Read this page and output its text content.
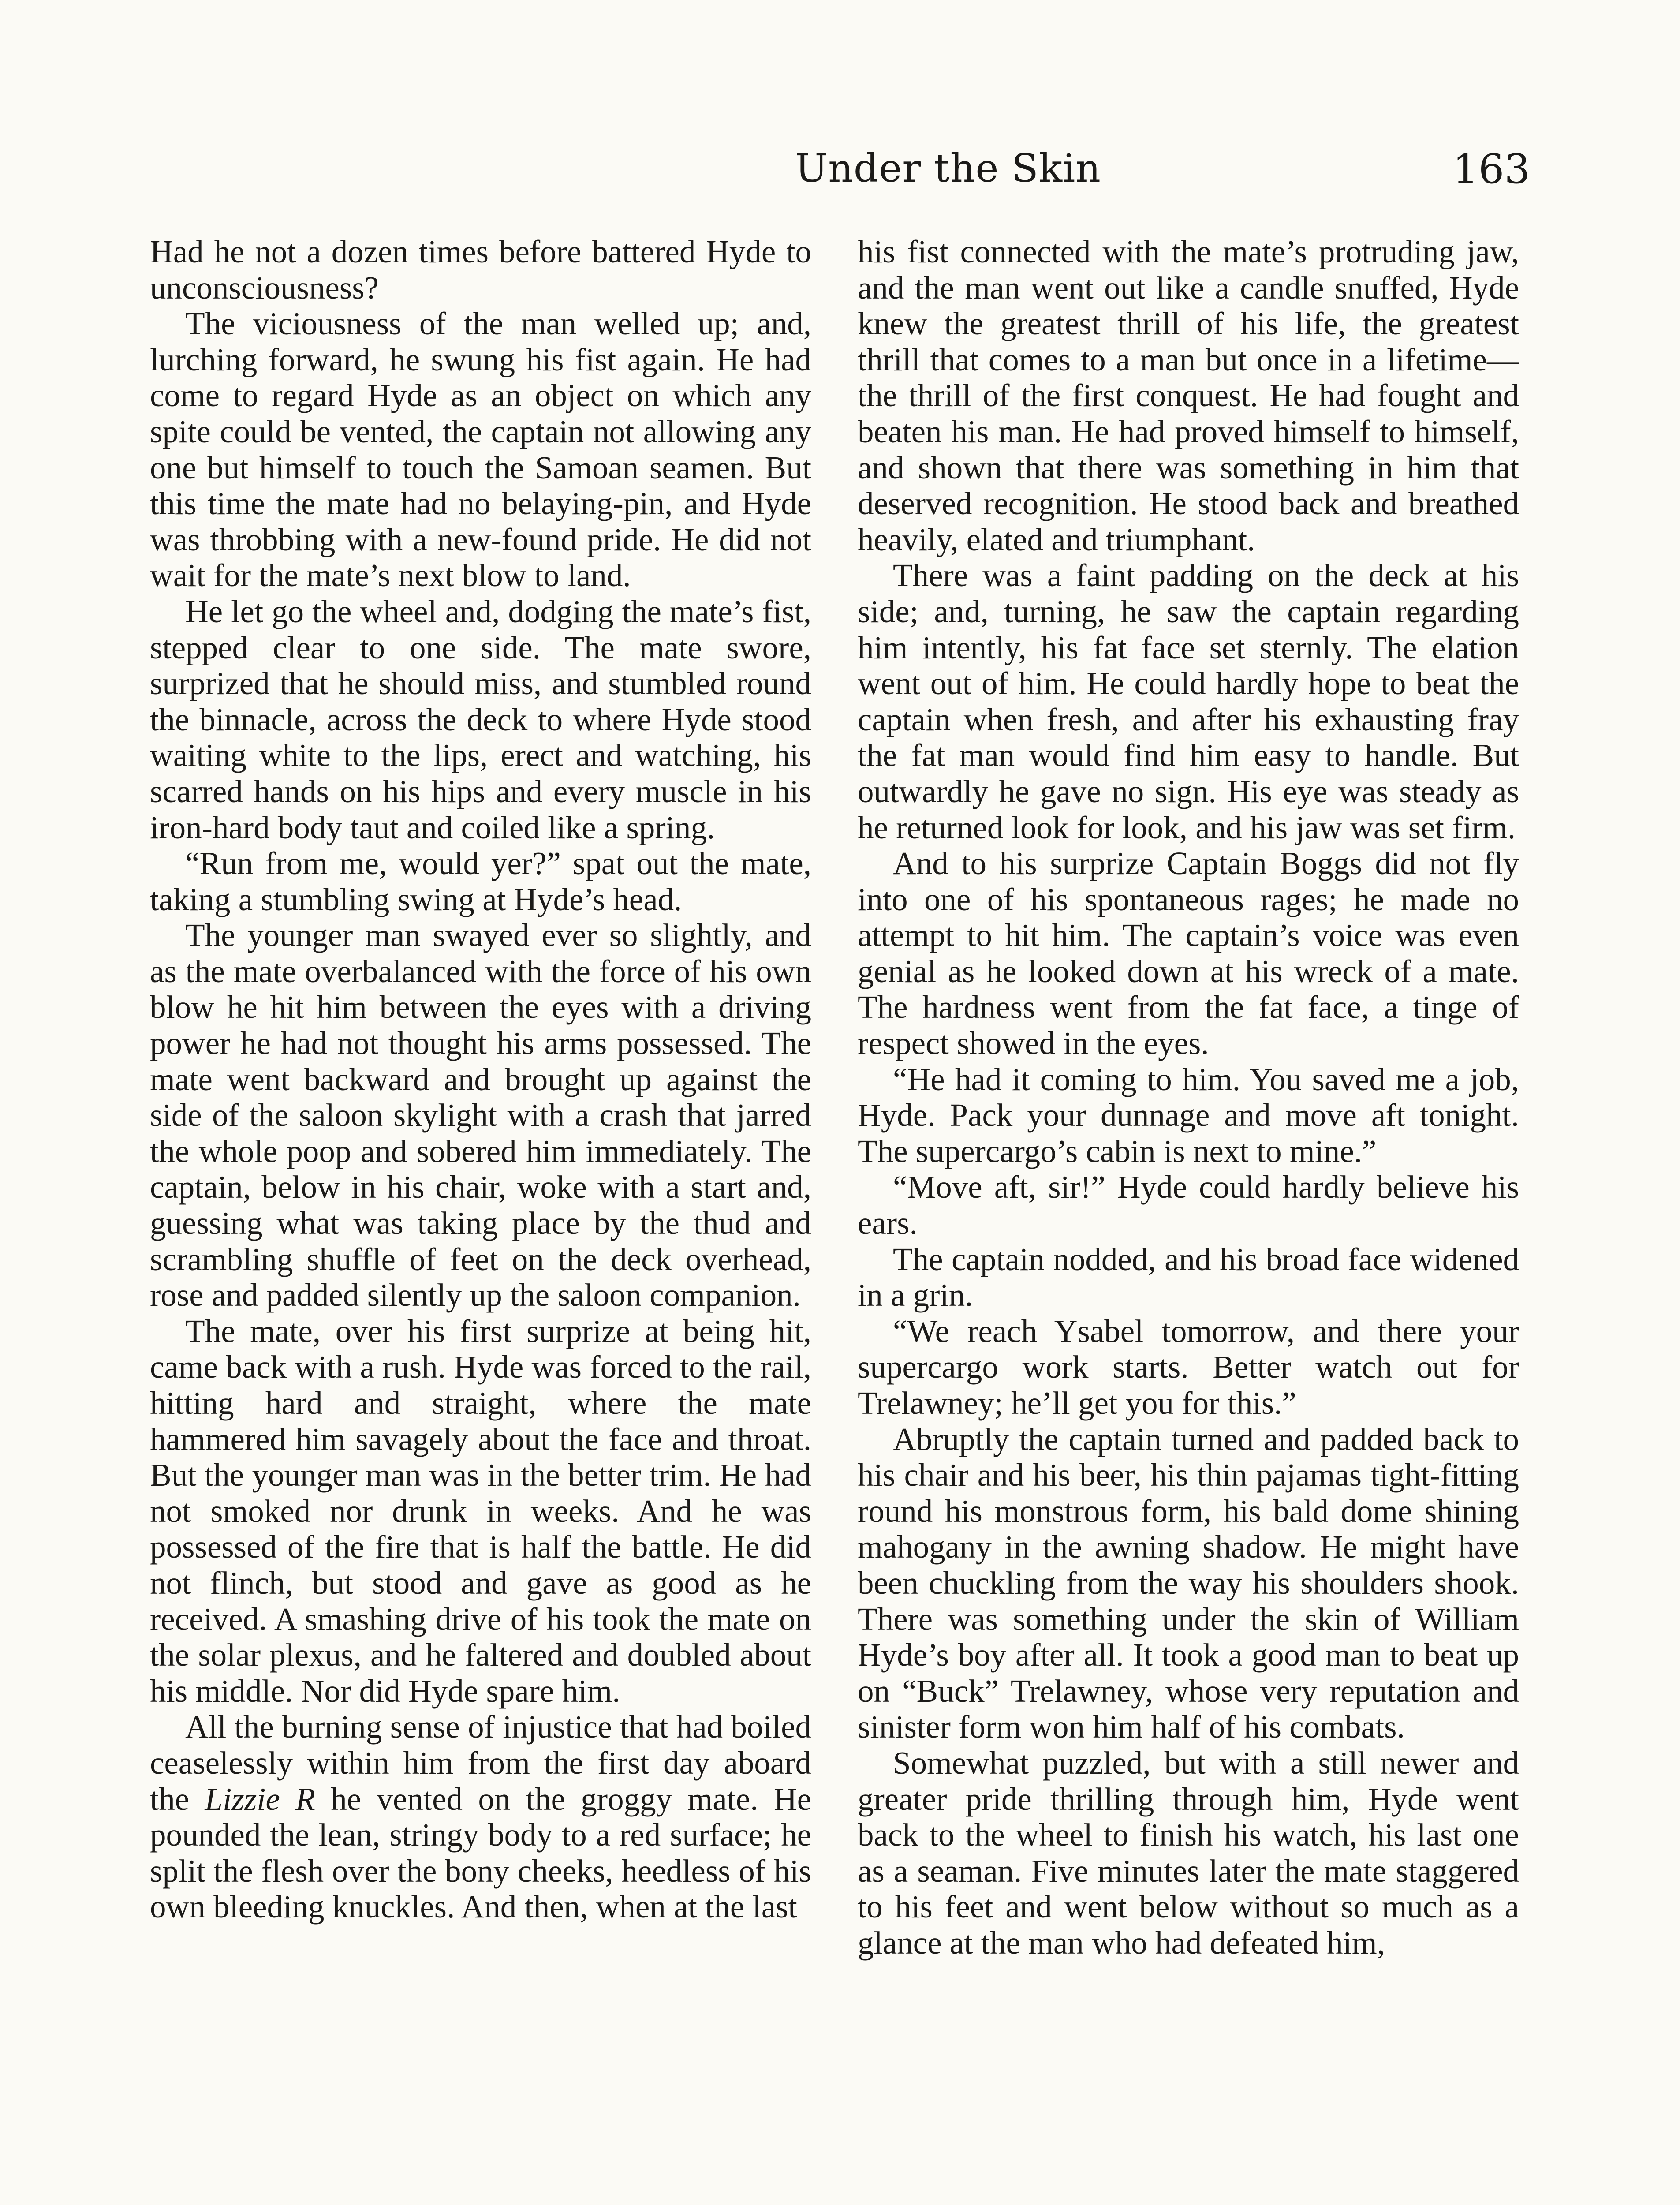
Under the Skin	163

Had he not a dozen times before battered Hyde to unconsciousness?

The viciousness of the man welled up; and, lurching forward, he swung his fist again. He had come to regard Hyde as an object on which any spite could be vented, the captain not allowing any one but himself to touch the Samoan seamen. But this time the mate had no belaying-pin, and Hyde was throbbing with a new-found pride. He did not wait for the mate’s next blow to land.

He let go the wheel and, dodging the mate’s fist, stepped clear to one side. The mate swore, surprized that he should miss, and stumbled round the binnacle, across the deck to where Hyde stood waiting white to the lips, erect and watching, his scarred hands on his hips and every muscle in his iron-hard body taut and coiled like a spring.

“Run from me, would yer?” spat out the mate, taking a stumbling swing at Hyde’s head.

The younger man swayed ever so slightly, and as the mate overbalanced with the force of his own blow he hit him between the eyes with a driving power he had not thought his arms possessed. The mate went backward and brought up against the side of the saloon skylight with a crash that jarred the whole poop and sobered him immediately. The captain, below in his chair, woke with a start and, guessing what was taking place by the thud and scrambling shuffle of feet on the deck overhead, rose and padded silently up the saloon companion.

The mate, over his first surprize at being hit, came back with a rush. Hyde was forced to the rail, hitting hard and straight, where the mate hammered him savagely about the face and throat. But the younger man was in the better trim. He had not smoked nor drunk in weeks. And he was possessed of the fire that is half the battle. He did not flinch, but stood and gave as good as he received. A smashing drive of his took the mate on the solar plexus, and he faltered and doubled about his middle. Nor did Hyde spare him.

All the burning sense of injustice that had boiled ceaselessly within him from the first day aboard the Lizzie R he vented on the groggy mate. He pounded the lean, stringy body to a red surface; he split the flesh over the bony cheeks, heedless of his own bleeding knuckles. And then, when at the last

his fist connected with the mate’s protruding jaw, and the man went out like a candle snuffed, Hyde knew the greatest thrill of his life, the greatest thrill that comes to a man but once in a lifetime—the thrill of the first conquest. He had fought and beaten his man. He had proved himself to himself, and shown that there was something in him that deserved recognition. He stood back and breathed heavily, elated and triumphant.

There was a faint padding on the deck at his side; and, turning, he saw the captain regarding him intently, his fat face set sternly. The elation went out of him. He could hardly hope to beat the captain when fresh, and after his exhausting fray the fat man would find him easy to handle. But outwardly he gave no sign. His eye was steady as he returned look for look, and his jaw was set firm.

And to his surprize Captain Boggs did not fly into one of his spontaneous rages; he made no attempt to hit him. The captain’s voice was even genial as he looked down at his wreck of a mate. The hardness went from the fat face, a tinge of respect showed in the eyes.

“He had it coming to him. You saved me a job, Hyde. Pack your dunnage and move aft tonight. The supercargo’s cabin is next to mine.”

“Move aft, sir!” Hyde could hardly believe his ears.

The captain nodded, and his broad face widened in a grin.

“We reach Ysabel tomorrow, and there your supercargo work starts. Better watch out for Trelawney; he’ll get you for this.”

Abruptly the captain turned and padded back to his chair and his beer, his thin pajamas tight-fitting round his monstrous form, his bald dome shining mahogany in the awning shadow. He might have been chuckling from the way his shoulders shook. There was something under the skin of William Hyde’s boy after all. It took a good man to beat up on “Buck” Trelawney, whose very reputation and sinister form won him half of his combats.

Somewhat puzzled, but with a still newer and greater pride thrilling through him, Hyde went back to the wheel to finish his watch, his last one as a seaman. Five minutes later the mate staggered to his feet and went below without so much as a glance at the man who had defeated him,
